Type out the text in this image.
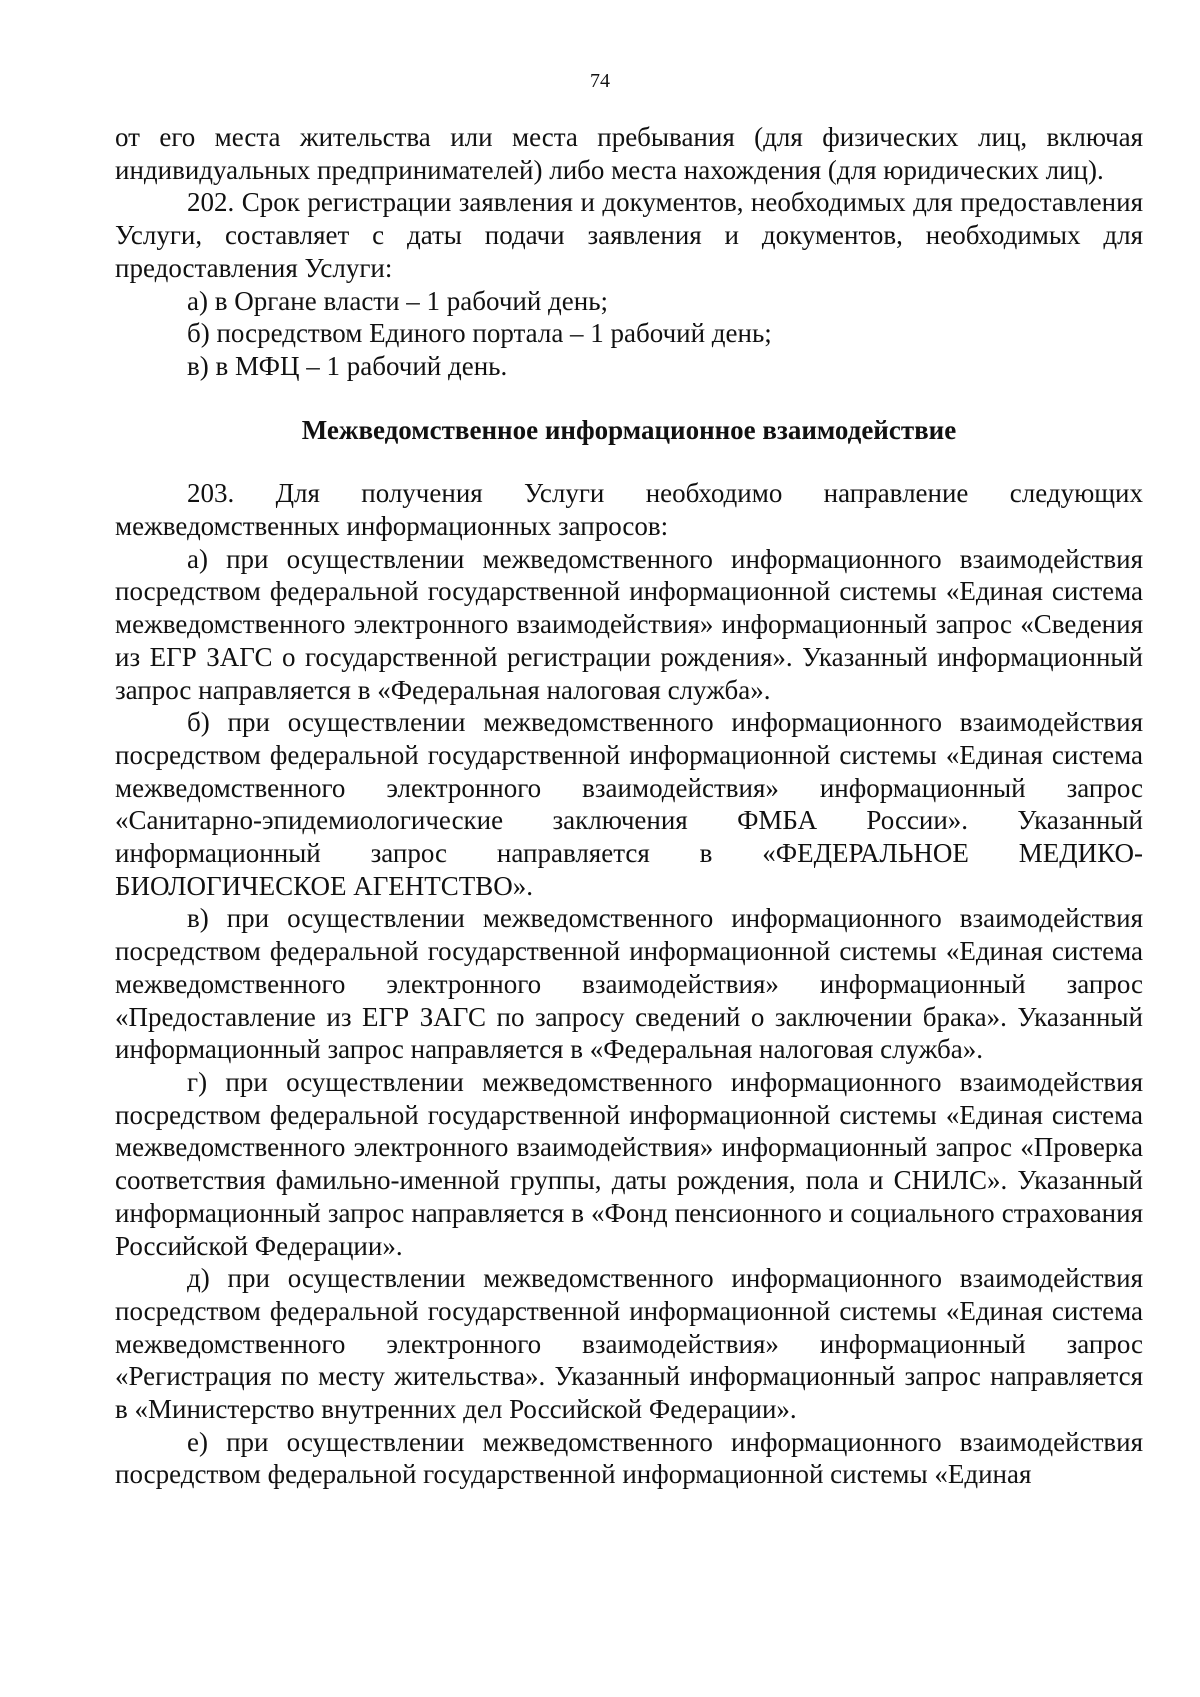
74

от его места жительства или места пребывания (для физических лиц, включая индивидуальных предпринимателей) либо места нахождения (для юридических лиц).

202. Срок регистрации заявления и документов, необходимых для предоставления Услуги, составляет с даты подачи заявления и документов, необходимых для предоставления Услуги:

а) в Органе власти – 1 рабочий день;

б) посредством Единого портала – 1 рабочий день;

в) в МФЦ – 1 рабочий день.

Межведомственное информационное взаимодействие

203. Для получения Услуги необходимо направление следующих межведомственных информационных запросов:

а) при осуществлении межведомственного информационного взаимодействия посредством федеральной государственной информационной системы «Единая система межведомственного электронного взаимодействия» информационный запрос «Сведения из ЕГР ЗАГС о государственной регистрации рождения». Указанный информационный запрос направляется в «Федеральная налоговая служба».

б) при осуществлении межведомственного информационного взаимодействия посредством федеральной государственной информационной системы «Единая система межведомственного электронного взаимодействия» информационный запрос «Санитарно-эпидемиологические заключения ФМБА России». Указанный информационный запрос направляется в «ФЕДЕРАЛЬНОЕ МЕДИКО-БИОЛОГИЧЕСКОЕ АГЕНТСТВО».

в) при осуществлении межведомственного информационного взаимодействия посредством федеральной государственной информационной системы «Единая система межведомственного электронного взаимодействия» информационный запрос «Предоставление из ЕГР ЗАГС по запросу сведений о заключении брака». Указанный информационный запрос направляется в «Федеральная налоговая служба».

г) при осуществлении межведомственного информационного взаимодействия посредством федеральной государственной информационной системы «Единая система межведомственного электронного взаимодействия» информационный запрос «Проверка соответствия фамильно-именной группы, даты рождения, пола и СНИЛС». Указанный информационный запрос направляется в «Фонд пенсионного и социального страхования Российской Федерации».

д) при осуществлении межведомственного информационного взаимодействия посредством федеральной государственной информационной системы «Единая система межведомственного электронного взаимодействия» информационный запрос «Регистрация по месту жительства». Указанный информационный запрос направляется в «Министерство внутренних дел Российской Федерации».

е) при осуществлении межведомственного информационного взаимодействия посредством федеральной государственной информационной системы «Единая
